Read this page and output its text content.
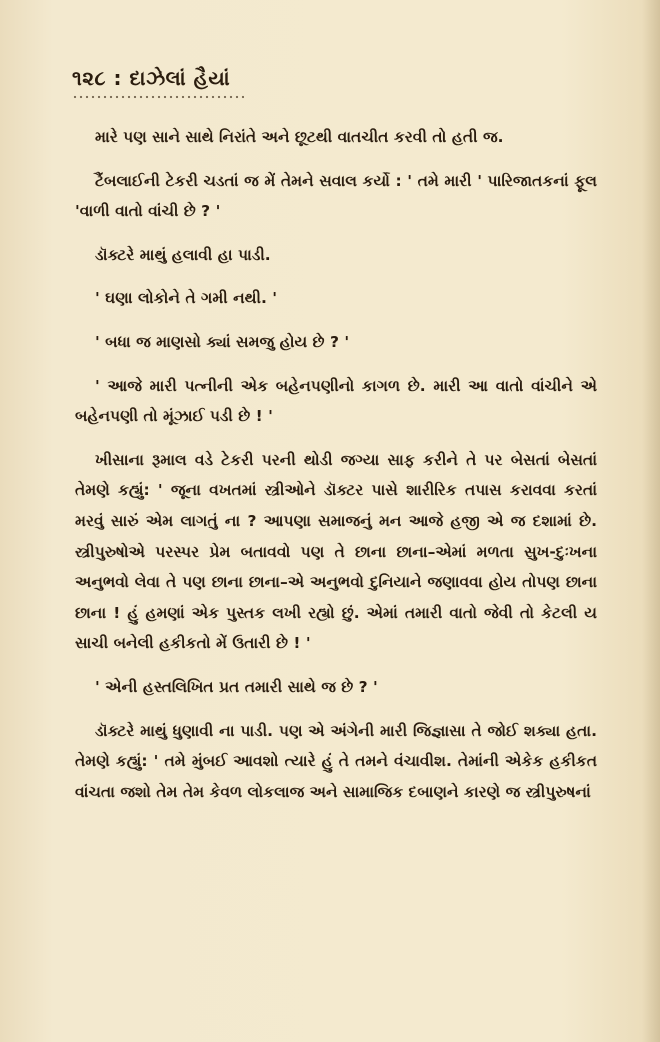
૧૨૮ : દાઝેલાં હૈયાં

મારે પણ સાને સાથે નિરાંતે અને છૂટથી વાતચીત કરવી તો હતી જ.

ટૈંબલાઈની ટેકરી ચડતાં જ મેં તેમને સવાલ કર્યો : ' તમે મારી ' પારિજાતકનાં ફૂલ 'વાળી વાતો વાંચી છે ? '

ડૉક્ટરે માથું હલાવી હા પાડી.

' ઘણા લોકોને તે ગમી નથી. '

' બધા જ માણસો ક્યાં સમજુ હોય છે ? '

' આજે મારી પત્નીની એક બહેનપણીનો કાગળ છે. મારી આ વાતો વાંચીને એ બહેનપણી તો મૂંઝાઈ પડી છે ! '

ખીસાના રૂમાલ વડે ટેકરી પરની થોડી જગ્યા સાફ કરીને તે પર બેસતાં બેસતાં તેમણે કહ્યું: ' જૂના વખતમાં સ્ત્રીઓને ડૉક્ટર પાસે શારીરિક તપાસ કરાવવા કરતાં મરવું સારું એમ લાગતું ના ? આપણા સમાજનું મન આજે હજી એ જ દશામાં છે. સ્ત્રીપુરુષોએ પરસ્પર પ્રેમ બતાવવો પણ તે છાના છાના–એમાં મળતા સુખ-દુઃખના અનુભવો લેવા તે પણ છાના છાના–એ અનુભવો દુનિયાને જણાવવા હોય તોપણ છાના છાના ! હું હમણાં એક પુસ્તક લખી રહ્યો છું. એમાં તમારી વાતો જેવી તો કેટલી ય સાચી બનેલી હકીકતો મેં ઉતારી છે ! '

' એની હસ્તલિખિત પ્રત તમારી સાથે જ છે ? '

ડૉક્ટરે માથું ધુણાવી ના પાડી. પણ એ અંગેની મારી જિજ્ઞાસા તે જોઈ શક્યા હતા. તેમણે કહ્યું: ' તમે મુંબઈ આવશો ત્યારે હું તે તમને વંચાવીશ. તેમાંની એકેક હકીકત વાંચતા જશો તેમ તેમ કેવળ લોકલાજ અને સામાજિક દબાણને કારણે જ સ્ત્રીપુરુષનાં
